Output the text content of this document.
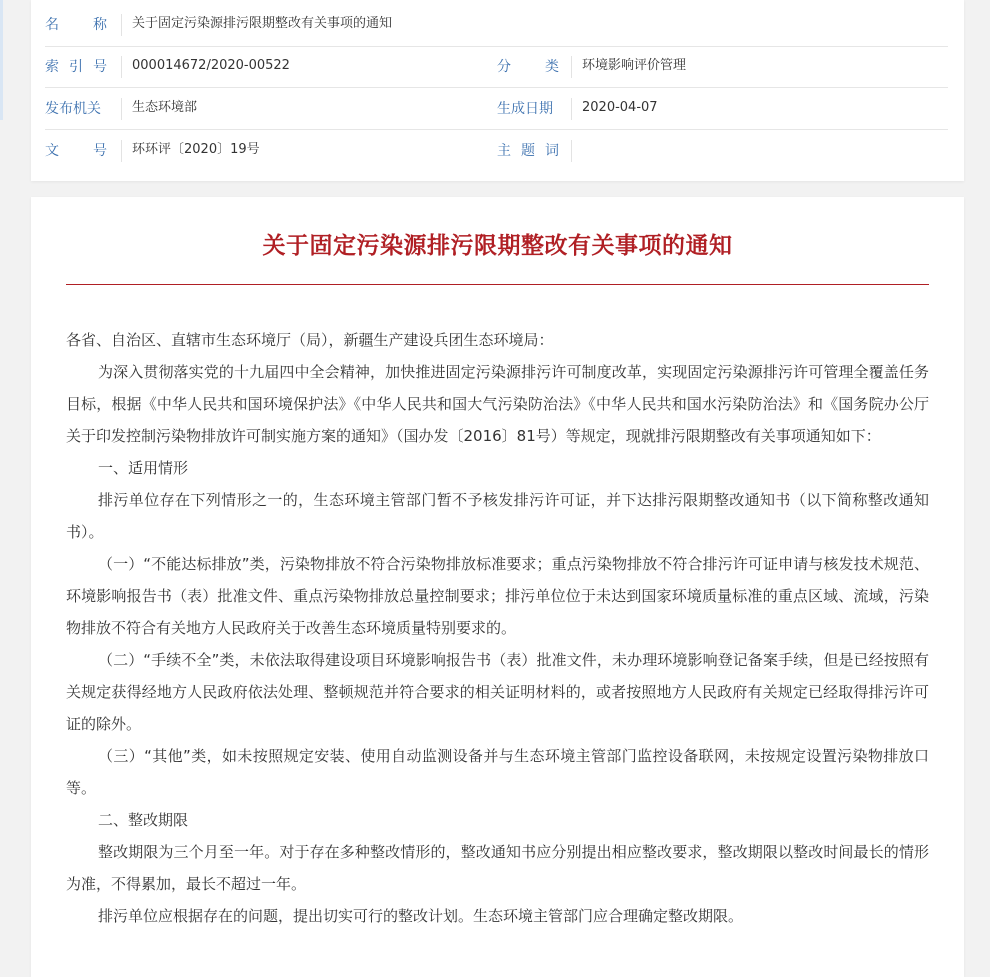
名 称 关于固定污染源排污限期整改有关事项的通知
索 引 号 000014672/2020-00522	分 类 环境影响评价管理
发布机关	生态环境部	生成日期	2020-04-07
文 号 环环评〔2020〕19号	主 题 词
关于固定污染源排污限期整改有关事项的通知

各省、自治区、直辖市生态环境厅（局），新疆生产建设兵团生态环境局：

为深入贯彻落实党的十九届四中全会精神，加快推进固定污染源排污许可制度改革，实现固定污染源排污许可管理全覆盖任务目标，根据《中华人民共和国环境保护法》《中华人民共和国大气污染防治法》《中华人民共和国水污染防治法》和《国务院办公厅关于印发控制污染物排放许可制实施方案的通知》（国办发〔2016〕81号）等规定，现就排污限期整改有关事项通知如下：

一、适用情形

排污单位存在下列情形之一的，生态环境主管部门暂不予核发排污许可证，并下达排污限期整改通知书（以下简称整改通知书）。

（一）“不能达标排放”类，污染物排放不符合污染物排放标准要求；重点污染物排放不符合排污许可证申请与核发技术规范、环境影响报告书（表）批准文件、重点污染物排放总量控制要求；排污单位位于未达到国家环境质量标准的重点区域、流域，污染物排放不符合有关地方人民政府关于改善生态环境质量特别要求的。

（二）“手续不全”类，未依法取得建设项目环境影响报告书（表）批准文件，未办理环境影响登记备案手续，但是已经按照有关规定获得经地方人民政府依法处理、整顿规范并符合要求的相关证明材料的，或者按照地方人民政府有关规定已经取得排污许可证的除外。

（三）“其他”类，如未按照规定安装、使用自动监测设备并与生态环境主管部门监控设备联网，未按规定设置污染物排放口等。

二、整改期限

整改期限为三个月至一年。对于存在多种整改情形的，整改通知书应分别提出相应整改要求，整改期限以整改时间最长的情形为准，不得累加，最长不超过一年。

排污单位应根据存在的问题，提出切实可行的整改计划。生态环境主管部门应合理确定整改期限。
